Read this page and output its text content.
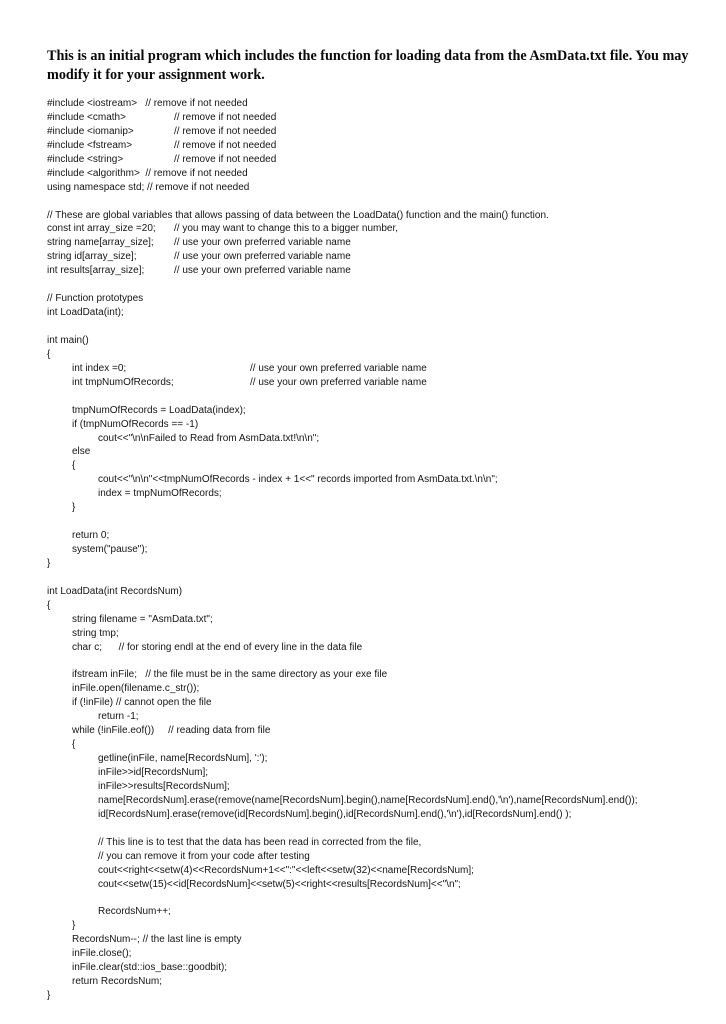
This is an initial program which includes the function for loading data from the AsmData.txt file. You may modify it for your assignment work.

#include <iostream>   // remove if not needed
#include <cmath>	// remove if not needed
#include <iomanip>	// remove if not needed
#include <fstream>	// remove if not needed
#include <string>	// remove if not needed
#include <algorithm>  // remove if not needed
using namespace std; // remove if not needed
// These are global variables that allows passing of data between the LoadData() function and the main() function.
const int array_size =20; // you may want to change this to a bigger number,
string name[array_size]; // use your own preferred variable name
string id[array_size];	// use your own preferred variable name
int results[array_size];	// use your own preferred variable name
// Function prototypes
int LoadData(int);
int main()
{
int index =0;	// use your own preferred variable name
int tmpNumOfRecords;	// use your own preferred variable name
tmpNumOfRecords = LoadData(index);
if (tmpNumOfRecords == -1)
cout<<"\n\nFailed to Read from AsmData.txt!\n\n";
else
{
cout<<"\n\n"<<tmpNumOfRecords - index + 1<<" records imported from AsmData.txt.\n\n";
index = tmpNumOfRecords;
}
return 0;
system("pause");
}
int LoadData(int RecordsNum)
{
string filename = "AsmData.txt";
string tmp;
char c;      // for storing endl at the end of every line in the data file
ifstream inFile;   // the file must be in the same directory as your exe file
inFile.open(filename.c_str());
if (!inFile) // cannot open the file
return -1;
while (!inFile.eof())     // reading data from file
{
getline(inFile, name[RecordsNum], ':');
inFile>>id[RecordsNum];
inFile>>results[RecordsNum];
name[RecordsNum].erase(remove(name[RecordsNum].begin(),name[RecordsNum].end(),'\n'),name[RecordsNum].end());
id[RecordsNum].erase(remove(id[RecordsNum].begin(),id[RecordsNum].end(),'\n'),id[RecordsNum].end() );
// This line is to test that the data has been read in corrected from the file,
// you can remove it from your code after testing
cout<<right<<setw(4)<<RecordsNum+1<<":"<<left<<setw(32)<<name[RecordsNum];
cout<<setw(15)<<id[RecordsNum]<<setw(5)<<right<<results[RecordsNum]<<"\n";
RecordsNum++;
}
RecordsNum--; // the last line is empty
inFile.close();
inFile.clear(std::ios_base::goodbit);
return RecordsNum;
}
